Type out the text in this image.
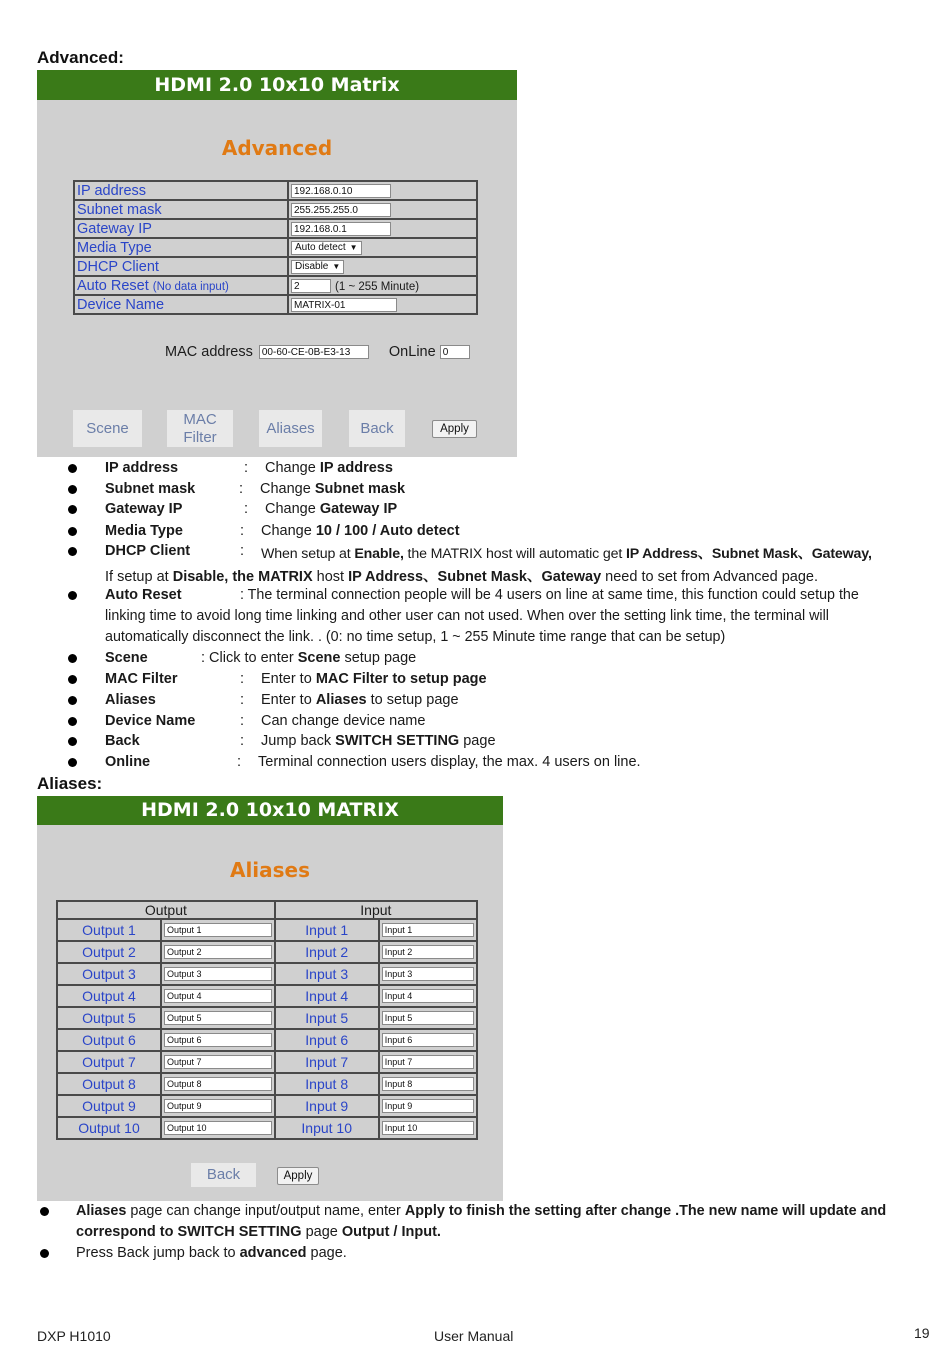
Advanced:
HDMI 2.0 10x10 Matrix
Advanced
IP address	192.168.0.10
Subnet mask	255.255.255.0
Gateway IP	192.168.0.1
Media Type	Auto detect ▼
DHCP Client	Disable ▼
Auto Reset (No data input)	2 (1 ~ 255 Minute)
Device Name	MATRIX-01
MAC address 00-60-CE-0B-E3-13	OnLine 0
Scene
MAC
Filter
Aliases	Back	Apply
IP address	: Change IP address
Subnet mask	: Change Subnet mask
Gateway IP	: Change Gateway IP
Media Type	: Change 10 / 100 / Auto detect
DHCP Client	: When setup at Enable, the MATRIX host will automatic get IP Address、Subnet Mask、Gateway,
If setup at Disable, the MATRIX host IP Address、Subnet Mask、Gateway need to set from Advanced page.
Auto Reset	: The terminal connection people will be 4 users on line at same time, this function could setup the
linking time to avoid long time linking and other user can not used. When over the setting link time, the terminal will
automatically disconnect the link. . (0: no time setup, 1 ~ 255 Minute time range that can be setup)
Scene	: Click to enter Scene setup page
MAC Filter	: Enter to MAC Filter to setup page
Aliases	: Enter to Aliases to setup page
Device Name	: Can change device name
Back	: Jump back SWITCH SETTING page
Online	: Terminal connection users display, the max. 4 users on line.
Aliases:
HDMI 2.0 10x10 MATRIX
Aliases
Output		Input	
Output 1	Output 1	Input 1	Input 1
Output 2	Output 2	Input 2	Input 2
Output 3	Output 3	Input 3	Input 3
Output 4	Output 4	Input 4	Input 4
Output 5	Output 5	Input 5	Input 5
Output 6	Output 6	Input 6	Input 6
Output 7	Output 7	Input 7	Input 7
Output 8	Output 8	Input 8	Input 8
Output 9	Output 9	Input 9	Input 9
Output 10	Output 10	Input 10	Input 10
Back	Apply
Aliases page can change input/output name, enter Apply to finish the setting after change .The new name will update and
correspond to SWITCH SETTING page Output / Input.
Press Back jump back to advanced page.
DXP H1010	User Manual	19
